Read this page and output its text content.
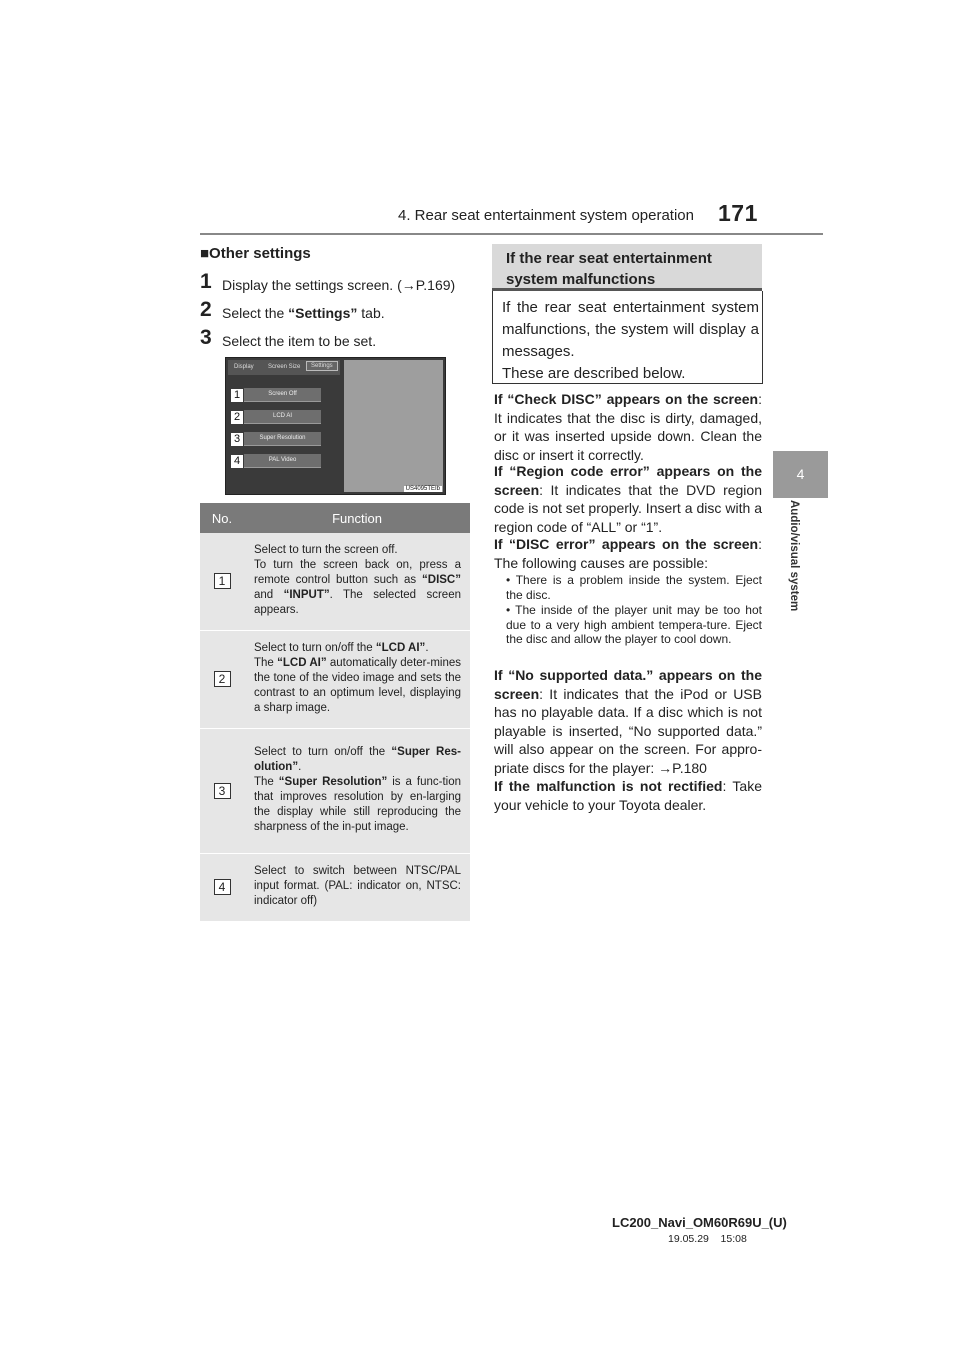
4. Rear seat entertainment system operation 171
4
Audio/visual system
■Other settings
1 Display the settings screen. (→P.169)
2 Select the “Settings” tab.
3 Select the item to be set.
Display Screen Size	Settings
1	Screen Off
2	LCD AI
3	Super Resolution
4	PAL Video
US4095TEIb
No.	Function
1	Select to turn the screen off.
To turn the screen back on, press a remote control button such as “DISC” and “INPUT”. The selected screen appears.
2	Select to turn on/off the “LCD AI”.
The “LCD AI” automatically deter-mines the tone of the video image and sets the contrast to an optimum level, displaying a sharp image.
3	Select to turn on/off the “Super Res-olution”.
The “Super Resolution” is a func-tion that improves resolution by en-larging the display while still reproducing the sharpness of the in-put image.
4	Select to switch between NTSC/PAL input format. (PAL: indicator on, NTSC: indicator off)
If the rear seat entertainment system malfunctions
If the rear seat entertainment system malfunctions, the system will display a messages.
These are described below.
If “Check DISC” appears on the screen: It indicates that the disc is dirty, damaged, or it was inserted upside down. Clean the disc or insert it correctly.
If “Region code error” appears on the screen: It indicates that the DVD region code is not set properly. Insert a disc with a region code of “ALL” or “1”.
If “DISC error” appears on the screen: The following causes are possible:
• There is a problem inside the system. Eject the disc.
• The inside of the player unit may be too hot due to a very high ambient tempera-ture. Eject the disc and allow the player to cool down.
If “No supported data.” appears on the screen: It indicates that the iPod or USB has no playable data. If a disc which is not playable is inserted, “No supported data.” will also appear on the screen. For appro-priate discs for the player: →P.180
If the malfunction is not rectified: Take your vehicle to your Toyota dealer.
LC200_Navi_OM60R69U_(U)
19.05.29 15:08
